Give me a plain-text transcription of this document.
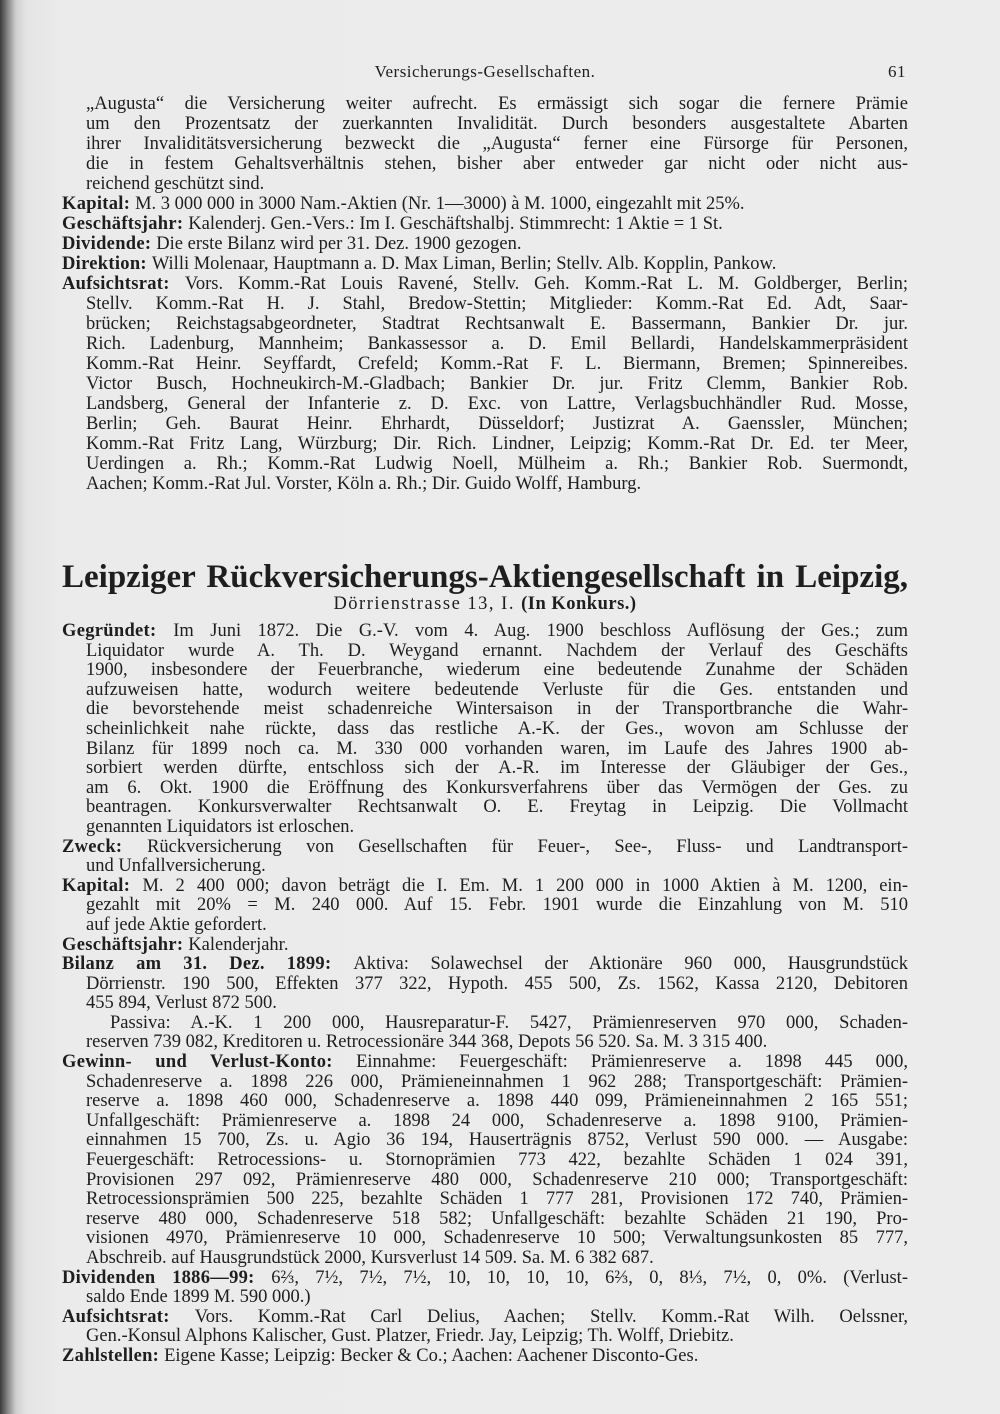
Versicherungs-Gesellschaften.	61
„Augusta“ die Versicherung weiter aufrecht. Es ermässigt sich sogar die fernere Prämie
um den Prozentsatz der zuerkannten Invalidität. Durch besonders ausgestaltete Abarten
ihrer Invaliditätsversicherung bezweckt die „Augusta“ ferner eine Fürsorge für Personen,
die in festem Gehaltsverhältnis stehen, bisher aber entweder gar nicht oder nicht aus-
reichend geschützt sind.
Kapital: M. 3 000 000 in 3000 Nam.-Aktien (Nr. 1—3000) à M. 1000, eingezahlt mit 25%.
Geschäftsjahr: Kalenderj. Gen.-Vers.: Im I. Geschäftshalbj. Stimmrecht: 1 Aktie = 1 St.
Dividende: Die erste Bilanz wird per 31. Dez. 1900 gezogen.
Direktion: Willi Molenaar, Hauptmann a. D. Max Liman, Berlin; Stellv. Alb. Kopplin, Pankow.
Aufsichtsrat: Vors. Komm.-Rat Louis Ravené, Stellv. Geh. Komm.-Rat L. M. Goldberger, Berlin;
Stellv. Komm.-Rat H. J. Stahl, Bredow-Stettin; Mitglieder: Komm.-Rat Ed. Adt, Saar-
brücken; Reichstagsabgeordneter, Stadtrat Rechtsanwalt E. Bassermann, Bankier Dr. jur.
Rich. Ladenburg, Mannheim; Bankassessor a. D. Emil Bellardi, Handelskammerpräsident
Komm.-Rat Heinr. Seyffardt, Crefeld; Komm.-Rat F. L. Biermann, Bremen; Spinnereibes.
Victor Busch, Hochneukirch-M.-Gladbach; Bankier Dr. jur. Fritz Clemm, Bankier Rob.
Landsberg, General der Infanterie z. D. Exc. von Lattre, Verlagsbuchhändler Rud. Mosse,
Berlin; Geh. Baurat Heinr. Ehrhardt, Düsseldorf; Justizrat A. Gaenssler, München;
Komm.-Rat Fritz Lang, Würzburg; Dir. Rich. Lindner, Leipzig; Komm.-Rat Dr. Ed. ter Meer,
Uerdingen a. Rh.; Komm.-Rat Ludwig Noell, Mülheim a. Rh.; Bankier Rob. Suermondt,
Aachen; Komm.-Rat Jul. Vorster, Köln a. Rh.; Dir. Guido Wolff, Hamburg.
Leipziger Rückversicherungs-Aktiengesellschaft in Leipzig,
Dörrienstrasse 13, I. (In Konkurs.)
Gegründet: Im Juni 1872. Die G.-V. vom 4. Aug. 1900 beschloss Auflösung der Ges.; zum
Liquidator wurde A. Th. D. Weygand ernannt. Nachdem der Verlauf des Geschäfts
1900, insbesondere der Feuerbranche, wiederum eine bedeutende Zunahme der Schäden
aufzuweisen hatte, wodurch weitere bedeutende Verluste für die Ges. entstanden und
die bevorstehende meist schadenreiche Wintersaison in der Transportbranche die Wahr-
scheinlichkeit nahe rückte, dass das restliche A.-K. der Ges., wovon am Schlusse der
Bilanz für 1899 noch ca. M. 330 000 vorhanden waren, im Laufe des Jahres 1900 ab-
sorbiert werden dürfte, entschloss sich der A.-R. im Interesse der Gläubiger der Ges.,
am 6. Okt. 1900 die Eröffnung des Konkursverfahrens über das Vermögen der Ges. zu
beantragen. Konkursverwalter Rechtsanwalt O. E. Freytag in Leipzig. Die Vollmacht
genannten Liquidators ist erloschen.
Zweck: Rückversicherung von Gesellschaften für Feuer-, See-, Fluss- und Landtransport-
und Unfallversicherung.
Kapital: M. 2 400 000; davon beträgt die I. Em. M. 1 200 000 in 1000 Aktien à M. 1200, ein-
gezahlt mit 20% = M. 240 000. Auf 15. Febr. 1901 wurde die Einzahlung von M. 510
auf jede Aktie gefordert.
Geschäftsjahr: Kalenderjahr.
Bilanz am 31. Dez. 1899: Aktiva: Solawechsel der Aktionäre 960 000, Hausgrundstück
Dörrienstr. 190 500, Effekten 377 322, Hypoth. 455 500, Zs. 1562, Kassa 2120, Debitoren
455 894, Verlust 872 500.
Passiva: A.-K. 1 200 000, Hausreparatur-F. 5427, Prämienreserven 970 000, Schaden-
reserven 739 082, Kreditoren u. Retrocessionäre 344 368, Depots 56 520. Sa. M. 3 315 400.
Gewinn- und Verlust-Konto: Einnahme: Feuergeschäft: Prämienreserve a. 1898 445 000,
Schadenreserve a. 1898 226 000, Prämieneinnahmen 1 962 288; Transportgeschäft: Prämien-
reserve a. 1898 460 000, Schadenreserve a. 1898 440 099, Prämieneinnahmen 2 165 551;
Unfallgeschäft: Prämienreserve a. 1898 24 000, Schadenreserve a. 1898 9100, Prämien-
einnahmen 15 700, Zs. u. Agio 36 194, Hauserträgnis 8752, Verlust 590 000. — Ausgabe:
Feuergeschäft: Retrocessions- u. Stornoprämien 773 422, bezahlte Schäden 1 024 391,
Provisionen 297 092, Prämienreserve 480 000, Schadenreserve 210 000; Transportgeschäft:
Retrocessionsprämien 500 225, bezahlte Schäden 1 777 281, Provisionen 172 740, Prämien-
reserve 480 000, Schadenreserve 518 582; Unfallgeschäft: bezahlte Schäden 21 190, Pro-
visionen 4970, Prämienreserve 10 000, Schadenreserve 10 500; Verwaltungsunkosten 85 777,
Abschreib. auf Hausgrundstück 2000, Kursverlust 14 509. Sa. M. 6 382 687.
Dividenden 1886—99: 6⅔, 7½, 7½, 7½, 10, 10, 10, 10, 6⅔, 0, 8⅓, 7½, 0, 0%. (Verlust-
saldo Ende 1899 M. 590 000.)
Aufsichtsrat: Vors. Komm.-Rat Carl Delius, Aachen; Stellv. Komm.-Rat Wilh. Oelssner,
Gen.-Konsul Alphons Kalischer, Gust. Platzer, Friedr. Jay, Leipzig; Th. Wolff, Driebitz.
Zahlstellen: Eigene Kasse; Leipzig: Becker & Co.; Aachen: Aachener Disconto-Ges.
